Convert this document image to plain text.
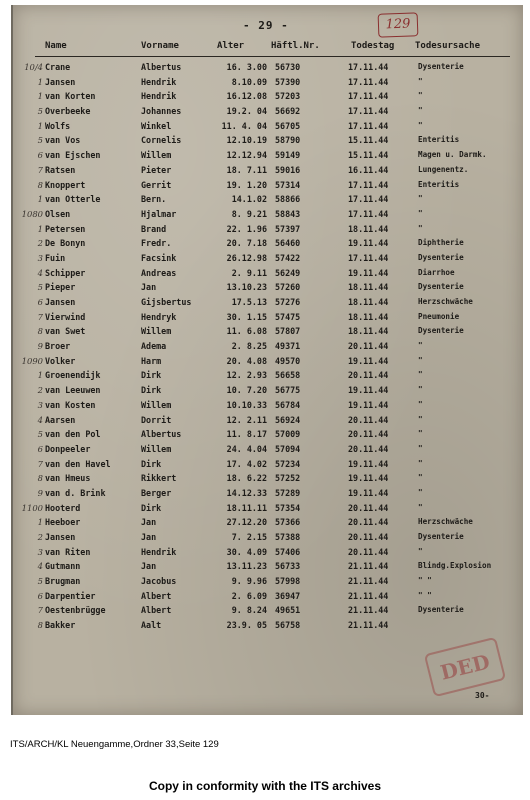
- 29 -	129
Name	Vorname	Alter	Häftl.Nr.	Todestag Todesursache
10/4 Crane	Albertus	16. 3.00 56730	17.11.44	Dysenterie
1 Jansen	Hendrik	8.10.09 57390	17.11.44	"
1 van Korten	Hendrik	16.12.08 57203	17.11.44	"
5 Overbeeke	Johannes	19.2. 04 56692	17.11.44	"
1 Wolfs	Winkel	11. 4. 04 56705	17.11.44	"
5 van Vos	Cornelis	12.10.19 58790	15.11.44	Enteritis
6 van Ejschen	Willem	12.12.94 59149	15.11.44	Magen u. Darmk.
7 Ratsen	Pieter	18. 7.11 59016	16.11.44	Lungenentz.
8 Knoppert	Gerrit	19. 1.20 57314	17.11.44	Enteritis
1 van Otterle	Bern.	14.1.02 58866	17.11.44	"
1080 Olsen	Hjalmar	8. 9.21 58843	17.11.44	"
1 Petersen	Brand	22. 1.96 57397	18.11.44	"
2 De Bonyn	Fredr.	20. 7.18 56460	19.11.44	Diphtherie
3 Fuin	Facsink	26.12.98 57422	17.11.44	Dysenterie
4 Schipper	Andreas	2. 9.11 56249	19.11.44	Diarrhoe
5 Pieper	Jan	13.10.23 57260	18.11.44	Dysenterie
6 Jansen	Gijsbertus	17.5.13 57276	18.11.44	Herzschwäche
7 Vierwind	Hendryk	30. 1.15 57475	18.11.44	Pneumonie
8 van Swet	Willem	11. 6.08 57807	18.11.44	Dysenterie
9 Broer	Adema	2. 8.25 49371	20.11.44	"
1090 Volker	Harm	20. 4.08 49570	19.11.44	"
1 Groenendijk	Dirk	12. 2.93 56658	20.11.44	"
2 van Leeuwen	Dirk	10. 7.20 56775	19.11.44	"
3 van Kosten	Willem	10.10.33 56784	19.11.44	"
4 Aarsen	Dorrit	12. 2.11 56924	20.11.44	"
5 van den Pol	Albertus	11. 8.17 57009	20.11.44	"
6 Donpeeler	Willem	24. 4.04 57094	20.11.44	"
7 van den Havel	Dirk	17. 4.02 57234	19.11.44	"
8 van Hmeus	Rikkert	18. 6.22 57252	19.11.44	"
9 van d. Brink	Berger	14.12.33 57289	19.11.44	"
1100 Hooterd	Dirk	18.11.11 57354	20.11.44	"
1 Heeboer	Jan	27.12.20 57366	20.11.44	Herzschwäche
2 Jansen	Jan	7. 2.15 57388	20.11.44	Dysenterie
3 van Riten	Hendrik	30. 4.09 57406	20.11.44	"
4 Gutmann	Jan	13.11.23 56733	21.11.44	Blindg.Explosion
5 Brugman	Jacobus	9. 9.96 57998	21.11.44	" "
6 Darpentier	Albert	2. 6.09 36947	21.11.44	" "
7 Oestenbrügge	Albert	9. 8.24 49651	21.11.44	Dysenterie
8 Bakker	Aalt	23.9. 05 56758	21.11.44
DED
30-
ITS/ARCH/KL Neuengamme,Ordner 33,Seite 129
Copy in conformity with the ITS archives
